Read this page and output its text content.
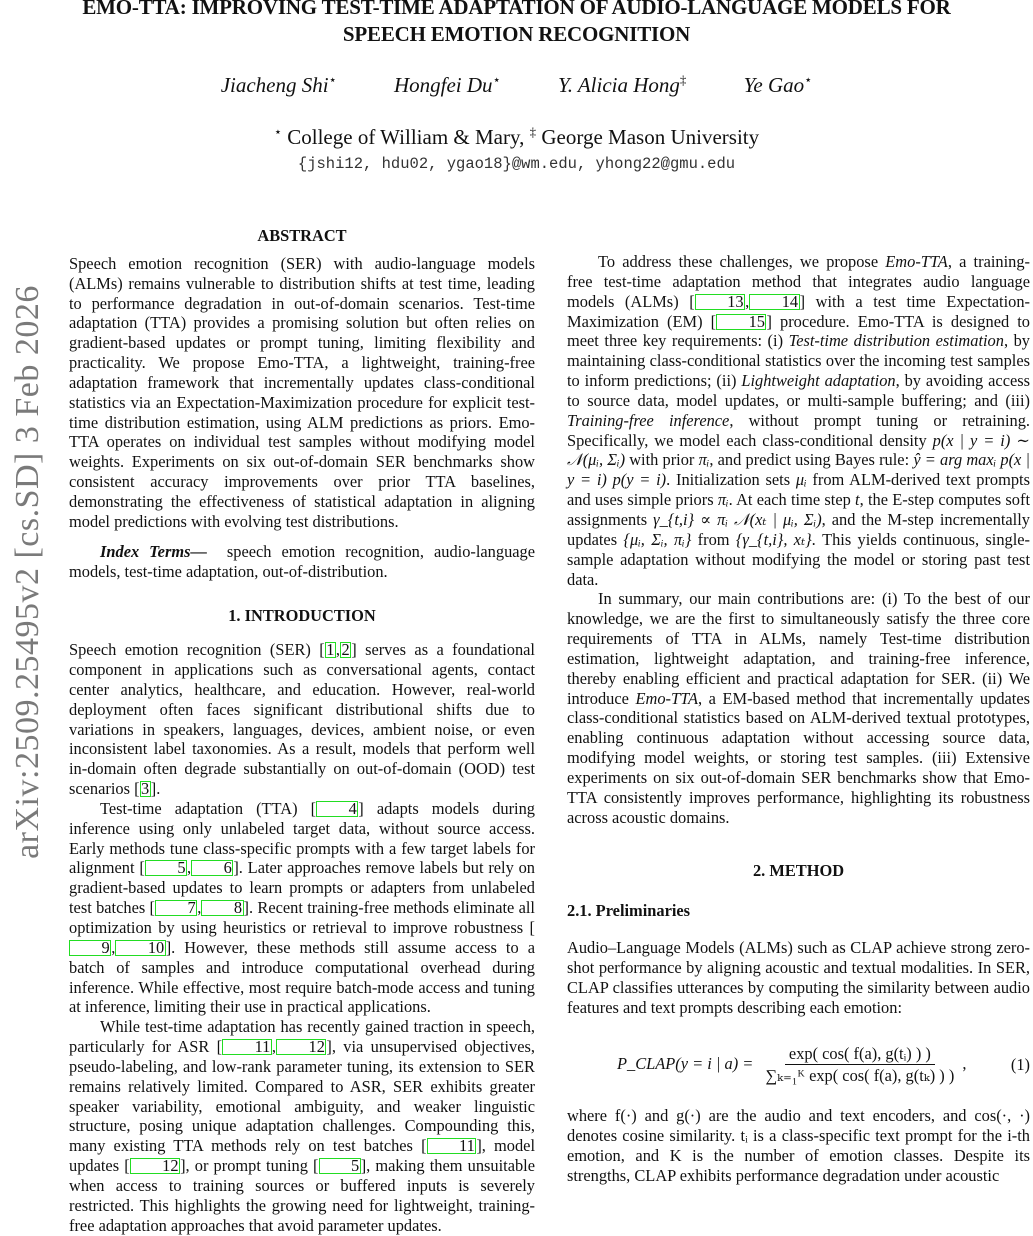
EMO-TTA: IMPROVING TEST-TIME ADAPTATION OF AUDIO-LANGUAGE MODELS FOR
SPEECH EMOTION RECOGNITION
Jiacheng Shi⋆	Hongfei Du⋆	Y. Alicia Hong‡	Ye Gao⋆
⋆ College of William & Mary, ‡ George Mason University
{jshi12, hdu02, ygao18}@wm.edu, yhong22@gmu.edu
arXiv:2509.25495v2 [cs.SD] 3 Feb 2026
ABSTRACT

Speech emotion recognition (SER) with audio-language models (ALMs) remains vulnerable to distribution shifts at test time, leading to performance degradation in out-of-domain scenarios. Test-time adaptation (TTA) provides a promising solution but often relies on gradient-based updates or prompt tuning, limiting flexibility and practicality. We propose Emo-TTA, a lightweight, training-free adaptation framework that incrementally updates class-conditional statistics via an Expectation-Maximization procedure for explicit test-time distribution estimation, using ALM predictions as priors. Emo-TTA operates on individual test samples without modifying model weights. Experiments on six out-of-domain SER benchmarks show consistent accuracy improvements over prior TTA baselines, demonstrating the effectiveness of statistical adaptation in aligning model predictions with evolving test distributions.

Index Terms— speech emotion recognition, audio-language models, test-time adaptation, out-of-distribution.

1. INTRODUCTION

Speech emotion recognition (SER) [1,2] serves as a foundational component in applications such as conversational agents, contact center analytics, healthcare, and education. However, real-world deployment often faces significant distributional shifts due to variations in speakers, languages, devices, ambient noise, or even inconsistent label taxonomies. As a result, models that perform well in-domain often degrade substantially on out-of-domain (OOD) test scenarios [3].

Test-time adaptation (TTA) [ 4] adapts models during inference using only unlabeled target data, without source access. Early methods tune class-specific prompts with a few target labels for alignment [ 5, 6]. Later approaches remove labels but rely on gradient-based updates to learn prompts or adapters from unlabeled test batches [ 7, 8]. Recent training-free methods eliminate all optimization by using heuristics or retrieval to improve robustness [9, 10]. However, these methods still assume access to a batch of samples and introduce computational overhead during inference. While effective, most require batch-mode access and tuning at inference, limiting their use in practical applications.

While test-time adaptation has recently gained traction in speech, particularly for ASR [ 11, 12], via unsupervised objectives, pseudo-labeling, and low-rank parameter tuning, its extension to SER remains relatively limited. Compared to ASR, SER exhibits greater speaker variability, emotional ambiguity, and weaker linguistic structure, posing unique adaptation challenges. Compounding this, many existing TTA methods rely on test batches [ 11], model updates [ 12], or prompt tuning [ 5], making them unsuitable when access to training sources or buffered inputs is severely restricted. This highlights the growing need for lightweight, training-free adaptation approaches that avoid parameter updates.

To address these challenges, we propose Emo-TTA, a training-free test-time adaptation method that integrates audio language models (ALMs) [ 13, 14] with a test time Expectation-Maximization (EM) [ 15] procedure. Emo-TTA is designed to meet three key requirements: (i) Test-time distribution estimation, by maintaining class-conditional statistics over the incoming test samples to inform predictions; (ii) Lightweight adaptation, by avoiding access to source data, model updates, or multi-sample buffering; and (iii) Training-free inference, without prompt tuning or retraining. Specifically, we model each class-conditional density p(x | y = i) ∼ 𝒩(μᵢ, Σᵢ) with prior πᵢ, and predict using Bayes rule: ŷ = arg maxᵢ p(x | y = i) p(y = i). Initialization sets μᵢ from ALM-derived text prompts and uses simple priors πᵢ. At each time step t, the E-step computes soft assignments γ_{t,i} ∝ πᵢ 𝒩(xₜ | μᵢ, Σᵢ), and the M-step incrementally updates {μᵢ, Σᵢ, πᵢ} from {γ_{t,i}, xₜ}. This yields continuous, single-sample adaptation without modifying the model or storing past test data.

In summary, our main contributions are: (i) To the best of our knowledge, we are the first to simultaneously satisfy the three core requirements of TTA in ALMs, namely Test-time distribution estimation, lightweight adaptation, and training-free inference, thereby enabling efficient and practical adaptation for SER. (ii) We introduce Emo-TTA, a EM-based method that incrementally updates class-conditional statistics based on ALM-derived textual prototypes, enabling continuous adaptation without accessing source data, modifying model weights, or storing test samples. (iii) Extensive experiments on six out-of-domain SER benchmarks show that Emo-TTA consistently improves performance, highlighting its robustness across acoustic domains.

2. METHOD
2.1. Preliminaries

Audio–Language Models (ALMs) such as CLAP achieve strong zero-shot performance by aligning acoustic and textual modalities. In SER, CLAP classifies utterances by computing the similarity between audio features and text prompts describing each emotion:

P_CLAP(y = i | $a) = \frac{\text{exp( cos( f(a), g(tᵢ) ) )}}{\text{∑ₖ₌₁ᴷ exp( cos( f(a), g(tₖ) ) )}}$ ,	(1)

where f(·) and g(·) are the audio and text encoders, and cos(·, ·) denotes cosine similarity. tᵢ is a class-specific text prompt for the i-th emotion, and K is the number of emotion classes. Despite its strengths, CLAP exhibits performance degradation under acoustic
